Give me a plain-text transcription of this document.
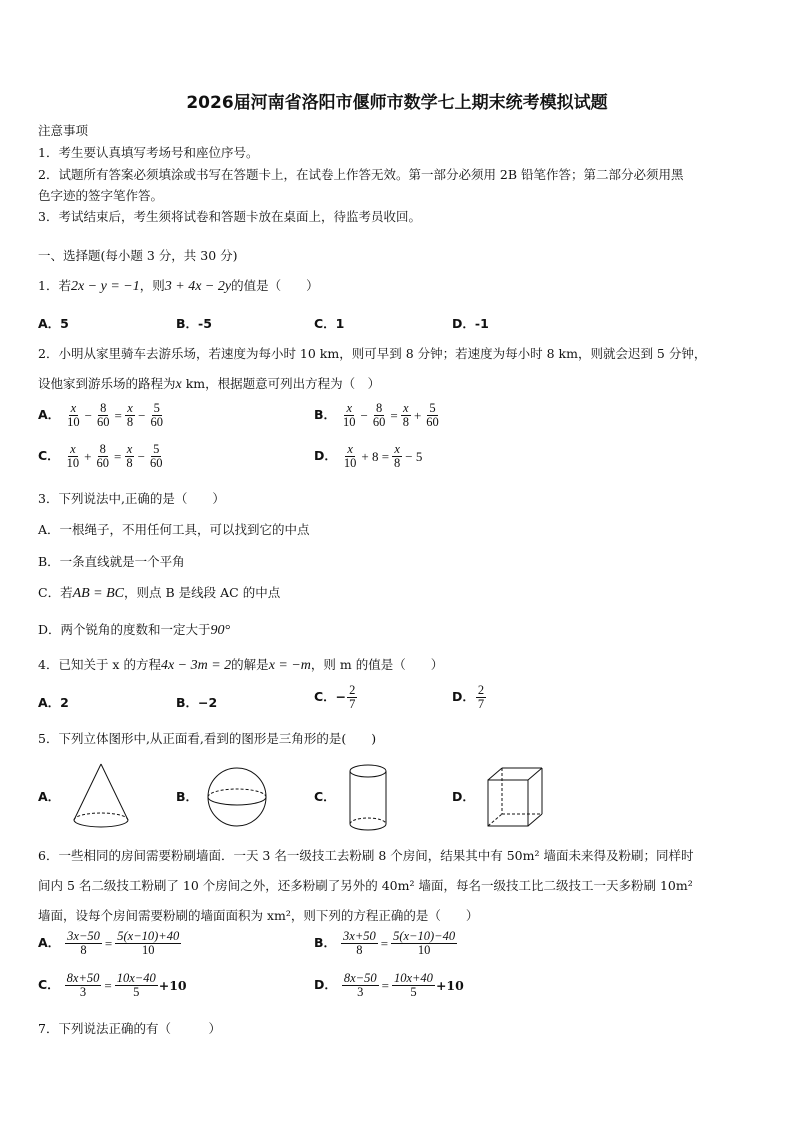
2026届河南省洛阳市偃师市数学七上期末统考模拟试题
注意事项
1．考生要认真填写考场号和座位序号。
2．试题所有答案必须填涂或书写在答题卡上，在试卷上作答无效。第一部分必须用 2B 铅笔作答；第二部分必须用黑
色字迹的签字笔作答。
3．考试结束后，考生须将试卷和答题卡放在桌面上，待监考员收回。
一、选择题(每小题 3 分，共 30 分)
1．若2x − y = −1，则3 + 4x − 2y的值是（　　）
A．5	B．-5	C．1	D．-1
2．小明从家里骑车去游乐场，若速度为每小时 10 km，则可早到 8 分钟；若速度为每小时 8 km，则就会迟到 5 分钟，
设他家到游乐场的路程为x km，根据题意可列出方程为（　）
A． $\frac{x}{10} - \frac{8}{60} = \frac{x}{8} - \frac{5}{60}$	B． $\frac{x}{10} - \frac{8}{60} = \frac{x}{8} + \frac{5}{60}$
C． $\frac{x}{10} + \frac{8}{60} = \frac{x}{8} - \frac{5}{60}$	D． $\frac{x}{10} + 8 = \frac{x}{8} - 5$
3．下列说法中,正确的是（　　）
A．一根绳子，不用任何工具，可以找到它的中点
B．一条直线就是一个平角
C．若AB = BC，则点 B 是线段 AC 的中点
D．两个锐角的度数和一定大于90°
4．已知关于 x 的方程4x − 3m = 2的解是x = −m，则 m 的值是（　　）
A．2	B．−2	C．− $\frac{2}{7}$	D． $\frac{2}{7}$
5．下列立体图形中,从正面看,看到的图形是三角形的是(　　)
A．	B．	C．	D．
6．一些相同的房间需要粉刷墙面．一天 3 名一级技工去粉刷 8 个房间，结果其中有 50m² 墙面未来得及粉刷；同样时
间内 5 名二级技工粉刷了 10 个房间之外，还多粉刷了另外的 40m² 墙面，每名一级技工比二级技工一天多粉刷 10m²
墙面，设每个房间需要粉刷的墙面面积为 xm²，则下列的方程正确的是（　　）
A． $\frac{3x-50}{8} = \frac{5(x-10)+40}{10}$	B． $\frac{3x+50}{8} = \frac{5(x-10)-40}{10}$
C． $\frac{8x+50}{3} = \frac{10x-40}{5} +10$	D． $\frac{8x-50}{3} = \frac{10x+40}{5} +10$
7．下列说法正确的有（　　　）
